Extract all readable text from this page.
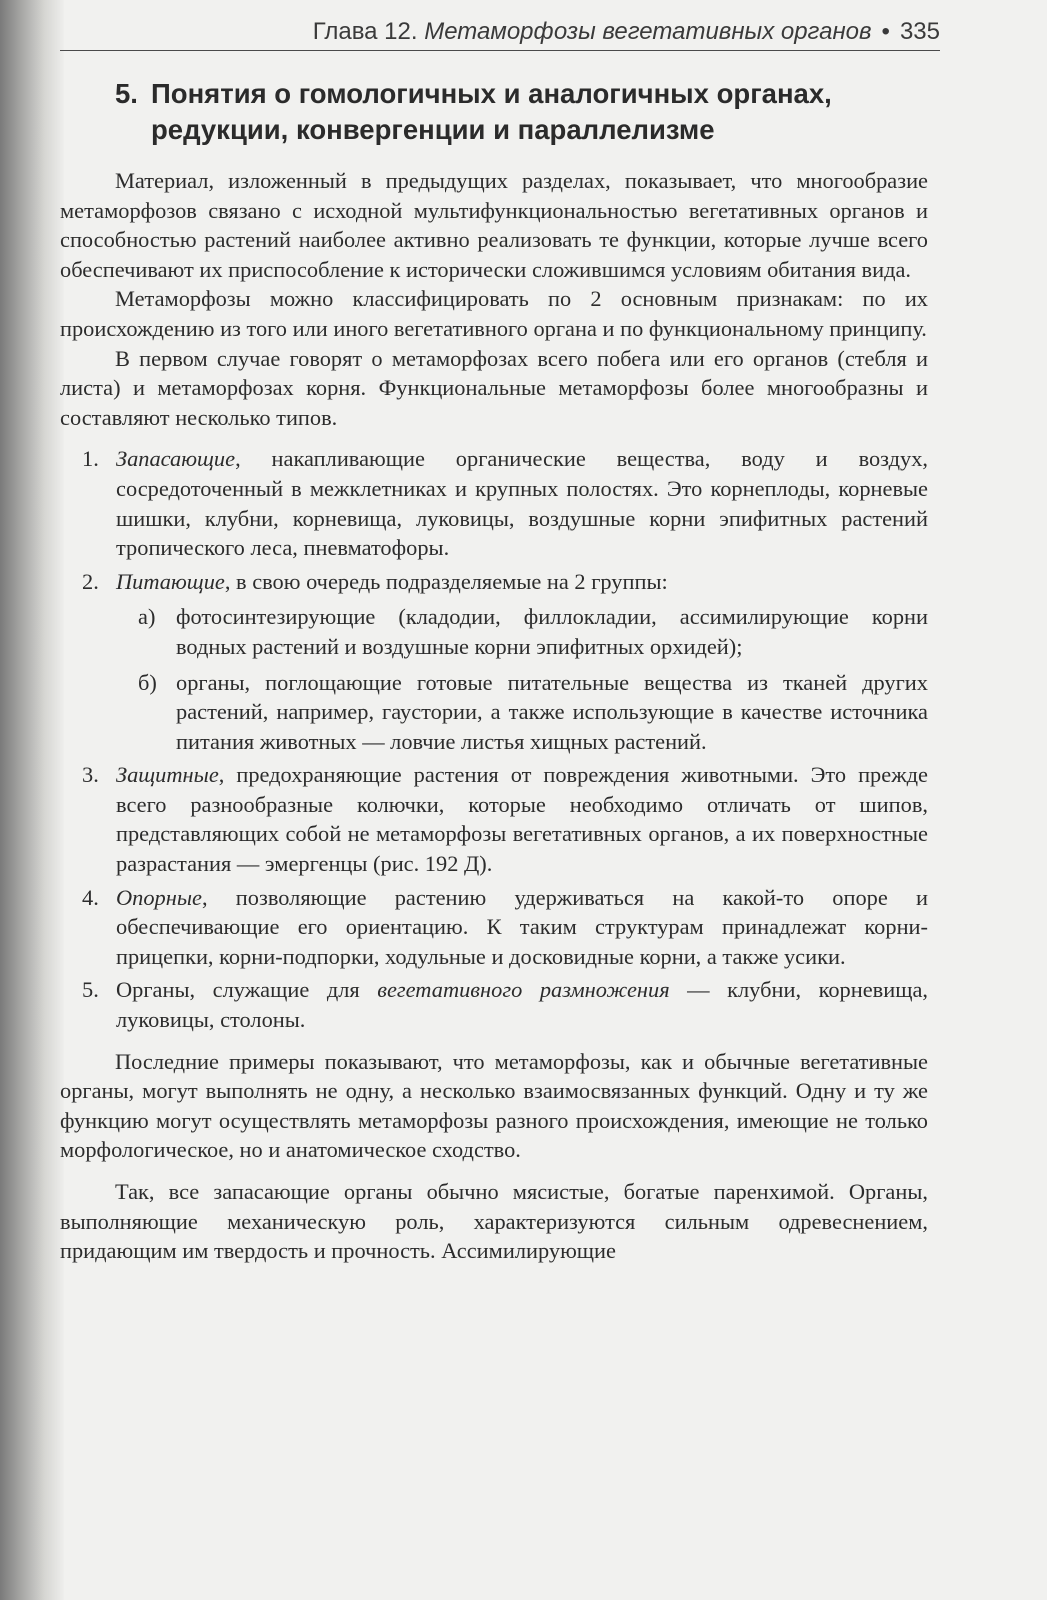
Глава 12. Метаморфозы вегетативных органов • 335
5. Понятия о гомологичных и аналогичных органах,
редукции, конвергенции и параллелизме

Материал, изложенный в предыдущих разделах, показывает, что многообразие метаморфозов связано с исходной мультифункциональностью вегетативных органов и способностью растений наиболее активно реализовать те функции, которые лучше всего обеспечивают их приспособление к исторически сложившимся условиям обитания вида.

Метаморфозы можно классифицировать по 2 основным признакам: по их происхождению из того или иного вегетативного органа и по функциональному принципу.

В первом случае говорят о метаморфозах всего побега или его органов (стебля и листа) и метаморфозах корня. Функциональные метаморфозы более многообразны и составляют несколько типов.

1. Запасающие, накапливающие органические вещества, воду и воздух, сосредоточенный в межклетниках и крупных полостях. Это корнеплоды, корневые шишки, клубни, корневища, луковицы, воздушные корни эпифитных растений тропического леса, пневматофоры.
2. Питающие, в свою очередь подразделяемые на 2 группы:
а) фотосинтезирующие (кладодии, филлокладии, ассимилирующие корни водных растений и воздушные корни эпифитных орхидей);
б) органы, поглощающие готовые питательные вещества из тканей других растений, например, гаустории, а также использующие в качестве источника питания животных — ловчие листья хищных растений.
3. Защитные, предохраняющие растения от повреждения животными. Это прежде всего разнообразные колючки, которые необходимо отличать от шипов, представляющих собой не метаморфозы вегетативных органов, а их поверхностные разрастания — эмергенцы (рис. 192 Д).
4. Опорные, позволяющие растению удерживаться на какой-то опоре и обеспечивающие его ориентацию. К таким структурам принадлежат корни-прицепки, корни-подпорки, ходульные и досковидные корни, а также усики.
5. Органы, служащие для вегетативного размножения — клубни, корневища, луковицы, столоны.

Последние примеры показывают, что метаморфозы, как и обычные вегетативные органы, могут выполнять не одну, а несколько взаимосвязанных функций. Одну и ту же функцию могут осуществлять метаморфозы разного происхождения, имеющие не только морфологическое, но и анатомическое сходство.

Так, все запасающие органы обычно мясистые, богатые паренхимой. Органы, выполняющие механическую роль, характеризуются сильным одревеснением, придающим им твердость и прочность. Ассимилирующие
